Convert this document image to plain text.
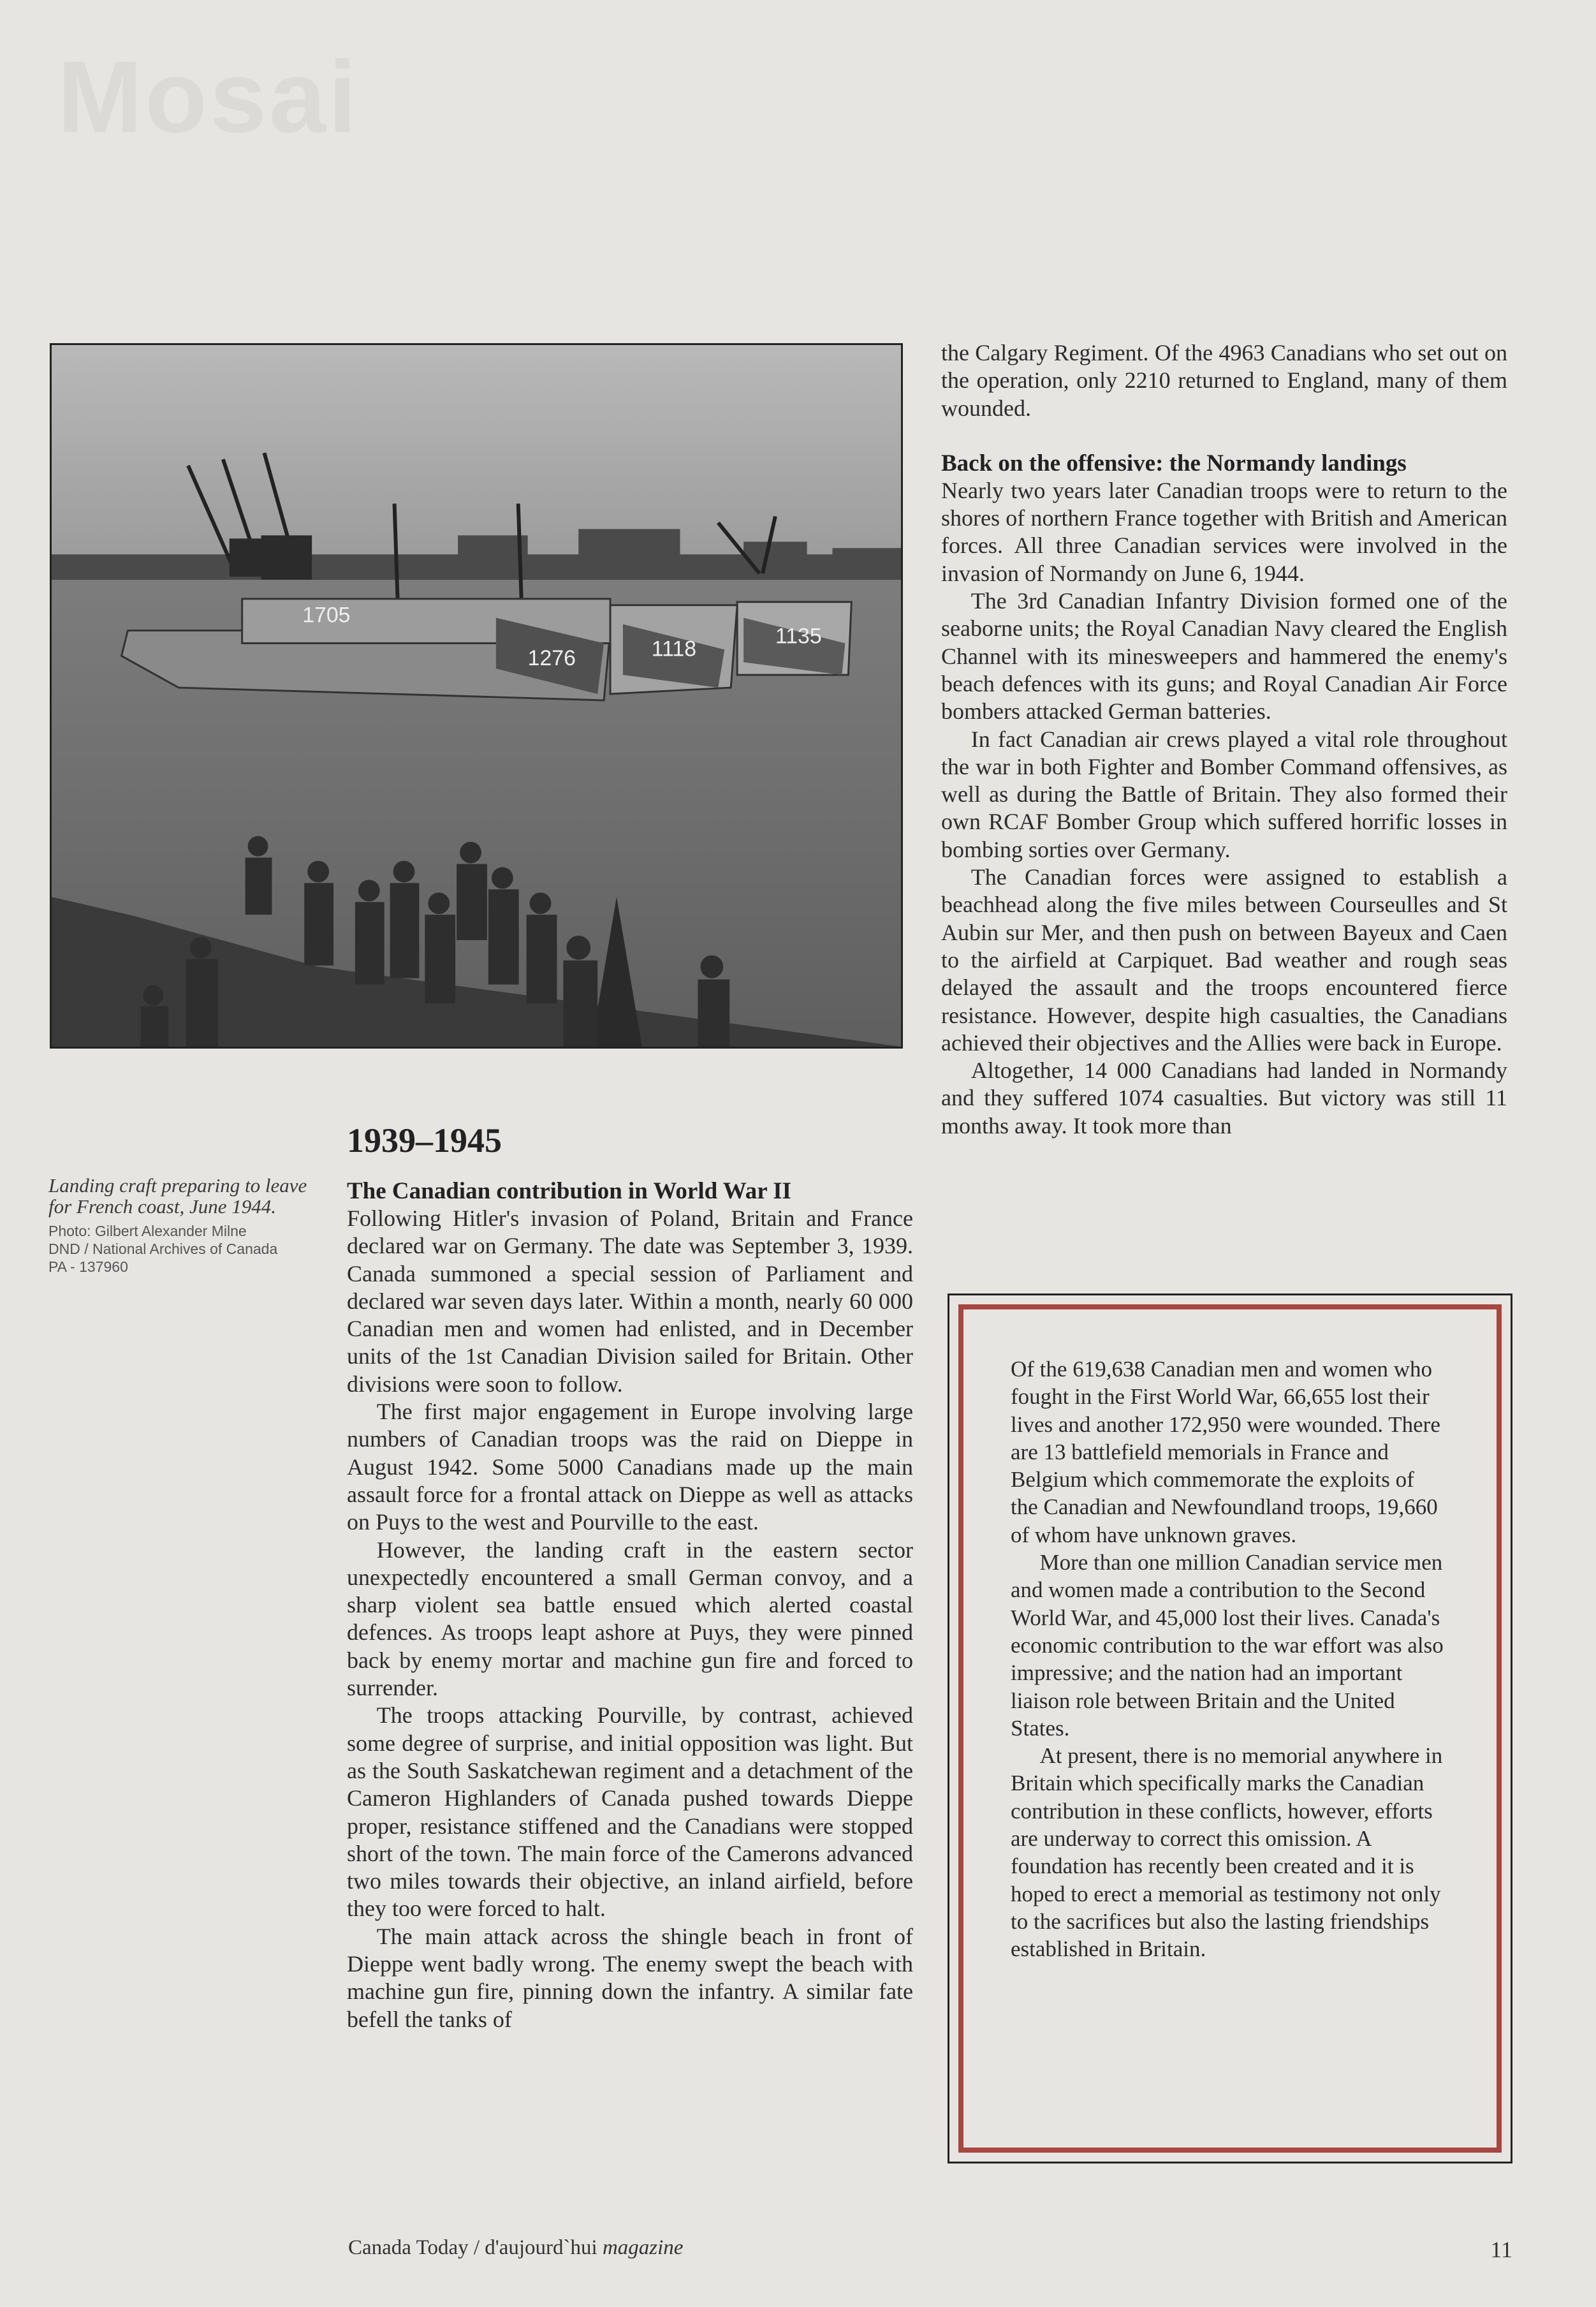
Mosai
1705
1276	1118
1135

Landing craft preparing to leave for French coast, June 1944.

Photo: Gilbert Alexander Milne
DND / National Archives of Canada
PA - 137960

1939–1945

The Canadian contribution in World War II

Following Hitler's invasion of Poland, Britain and France declared war on Germany. The date was September 3, 1939. Canada summoned a special session of Parliament and declared war seven days later. Within a month, nearly 60 000 Canadian men and women had enlisted, and in December units of the 1st Canadian Division sailed for Britain. Other divisions were soon to follow.

The first major engagement in Europe involving large numbers of Canadian troops was the raid on Dieppe in August 1942. Some 5000 Canadians made up the main assault force for a frontal attack on Dieppe as well as attacks on Puys to the west and Pourville to the east.

However, the landing craft in the eastern sector unexpectedly encountered a small German convoy, and a sharp violent sea battle ensued which alerted coastal defences. As troops leapt ashore at Puys, they were pinned back by enemy mortar and machine gun fire and forced to surrender.

The troops attacking Pourville, by contrast, achieved some degree of surprise, and initial opposition was light. But as the South Saskatchewan regiment and a detachment of the Cameron Highlanders of Canada pushed towards Dieppe proper, resistance stiffened and the Canadians were stopped short of the town. The main force of the Camerons advanced two miles towards their objective, an inland airfield, before they too were forced to halt.

The main attack across the shingle beach in front of Dieppe went badly wrong. The enemy swept the beach with machine gun fire, pinning down the infantry. A similar fate befell the tanks of

the Calgary Regiment. Of the 4963 Canadians who set out on the operation, only 2210 returned to England, many of them wounded.

Back on the offensive: the Normandy landings

Nearly two years later Canadian troops were to return to the shores of northern France together with British and American forces. All three Canadian services were involved in the invasion of Normandy on June 6, 1944.

The 3rd Canadian Infantry Division formed one of the seaborne units; the Royal Canadian Navy cleared the English Channel with its minesweepers and hammered the enemy's beach defences with its guns; and Royal Canadian Air Force bombers attacked German batteries.

In fact Canadian air crews played a vital role throughout the war in both Fighter and Bomber Command offensives, as well as during the Battle of Britain. They also formed their own RCAF Bomber Group which suffered horrific losses in bombing sorties over Germany.

The Canadian forces were assigned to establish a beachhead along the five miles between Courseulles and St Aubin sur Mer, and then push on between Bayeux and Caen to the airfield at Carpiquet. Bad weather and rough seas delayed the assault and the troops encountered fierce resistance. However, despite high casualties, the Canadians achieved their objectives and the Allies were back in Europe.

Altogether, 14 000 Canadians had landed in Normandy and they suffered 1074 casualties. But victory was still 11 months away. It took more than

Of the 619,638 Canadian men and women who fought in the First World War, 66,655 lost their lives and another 172,950 were wounded. There are 13 battlefield memorials in France and Belgium which commemorate the exploits of the Canadian and Newfoundland troops, 19,660 of whom have unknown graves.

More than one million Canadian service men and women made a contribution to the Second World War, and 45,000 lost their lives. Canada's economic contribution to the war effort was also impressive; and the nation had an important liaison role between Britain and the United States.

At present, there is no memorial anywhere in Britain which specifically marks the Canadian contribution in these conflicts, however, efforts are underway to correct this omission. A foundation has recently been created and it is hoped to erect a memorial as testimony not only to the sacrifices but also the lasting friendships established in Britain.

Canada Today / d'aujourd`hui magazine	11
